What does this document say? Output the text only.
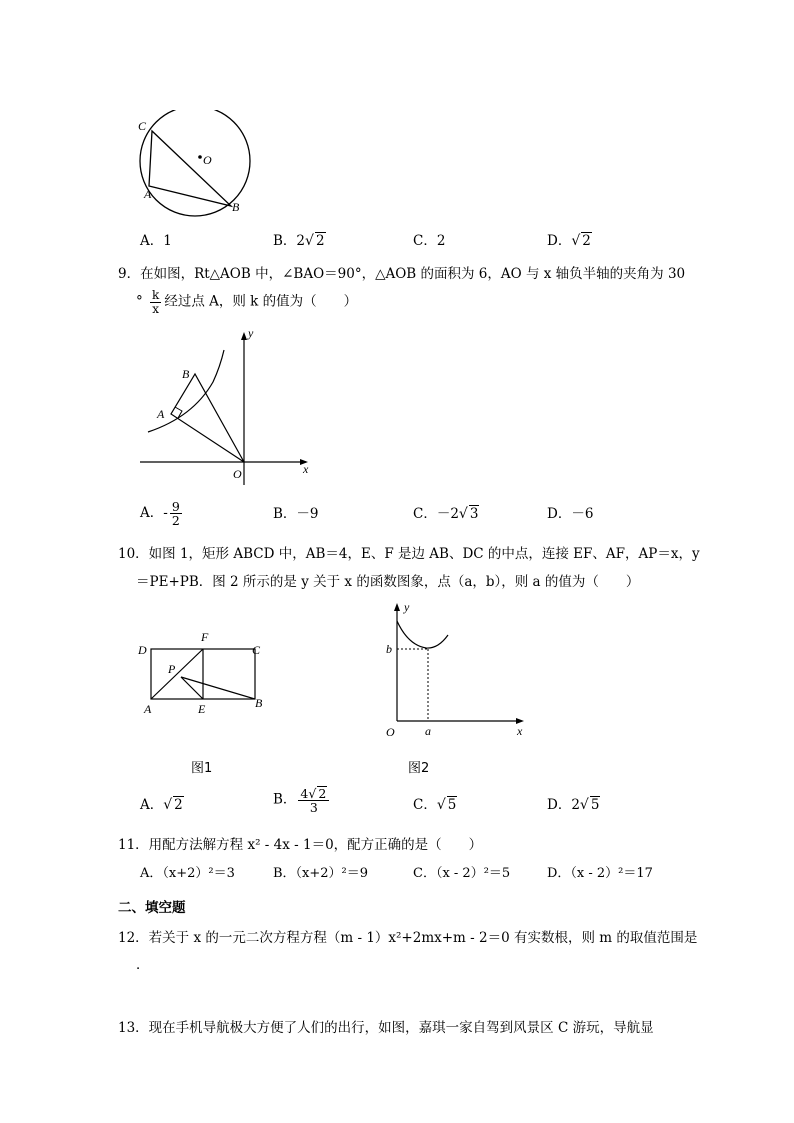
C
O
A
B
A．1	B．2√ 2	C．2	D．√ 2
9．在如图，Rt△AOB 中，∠BAO＝90°，△AOB 的面积为 6，AO 与 x 轴负半轴的夹角为 30
° $\frac{k}{x}$ 经过点 A，则 k 的值为（　　）
y
B
A
O	x
A．- $\frac{9}{2}$	B．－9	C．－2√ 3	D．－6
10．如图 1，矩形 ABCD 中，AB＝4，E、F 是边 AB、DC 的中点，连接 EF、AF，AP＝x，y
＝PE+PB．图 2 所示的是 y 关于 x 的函数图象，点（a，b），则 a 的值为（　　）
D
F
C
P
A	E	B
y
b
O	a	x
图1	图2
A．√ 2	B． $\frac{4√ 2}{3}$	C．√ 5	D．2√ 5
11．用配方法解方程 x² - 4x - 1＝0，配方正确的是（　　）
A．（x+2）²＝3	B．（x+2）²＝9	C．（x - 2）²＝5	D．（x - 2）²＝17
二、填空题
12．若关于 x 的一元二次方程方程（m - 1）x²+2mx+m - 2＝0 有实数根，则 m 的取值范围是
．
13．现在手机导航极大方便了人们的出行，如图，嘉琪一家自驾到风景区 C 游玩，导航显
